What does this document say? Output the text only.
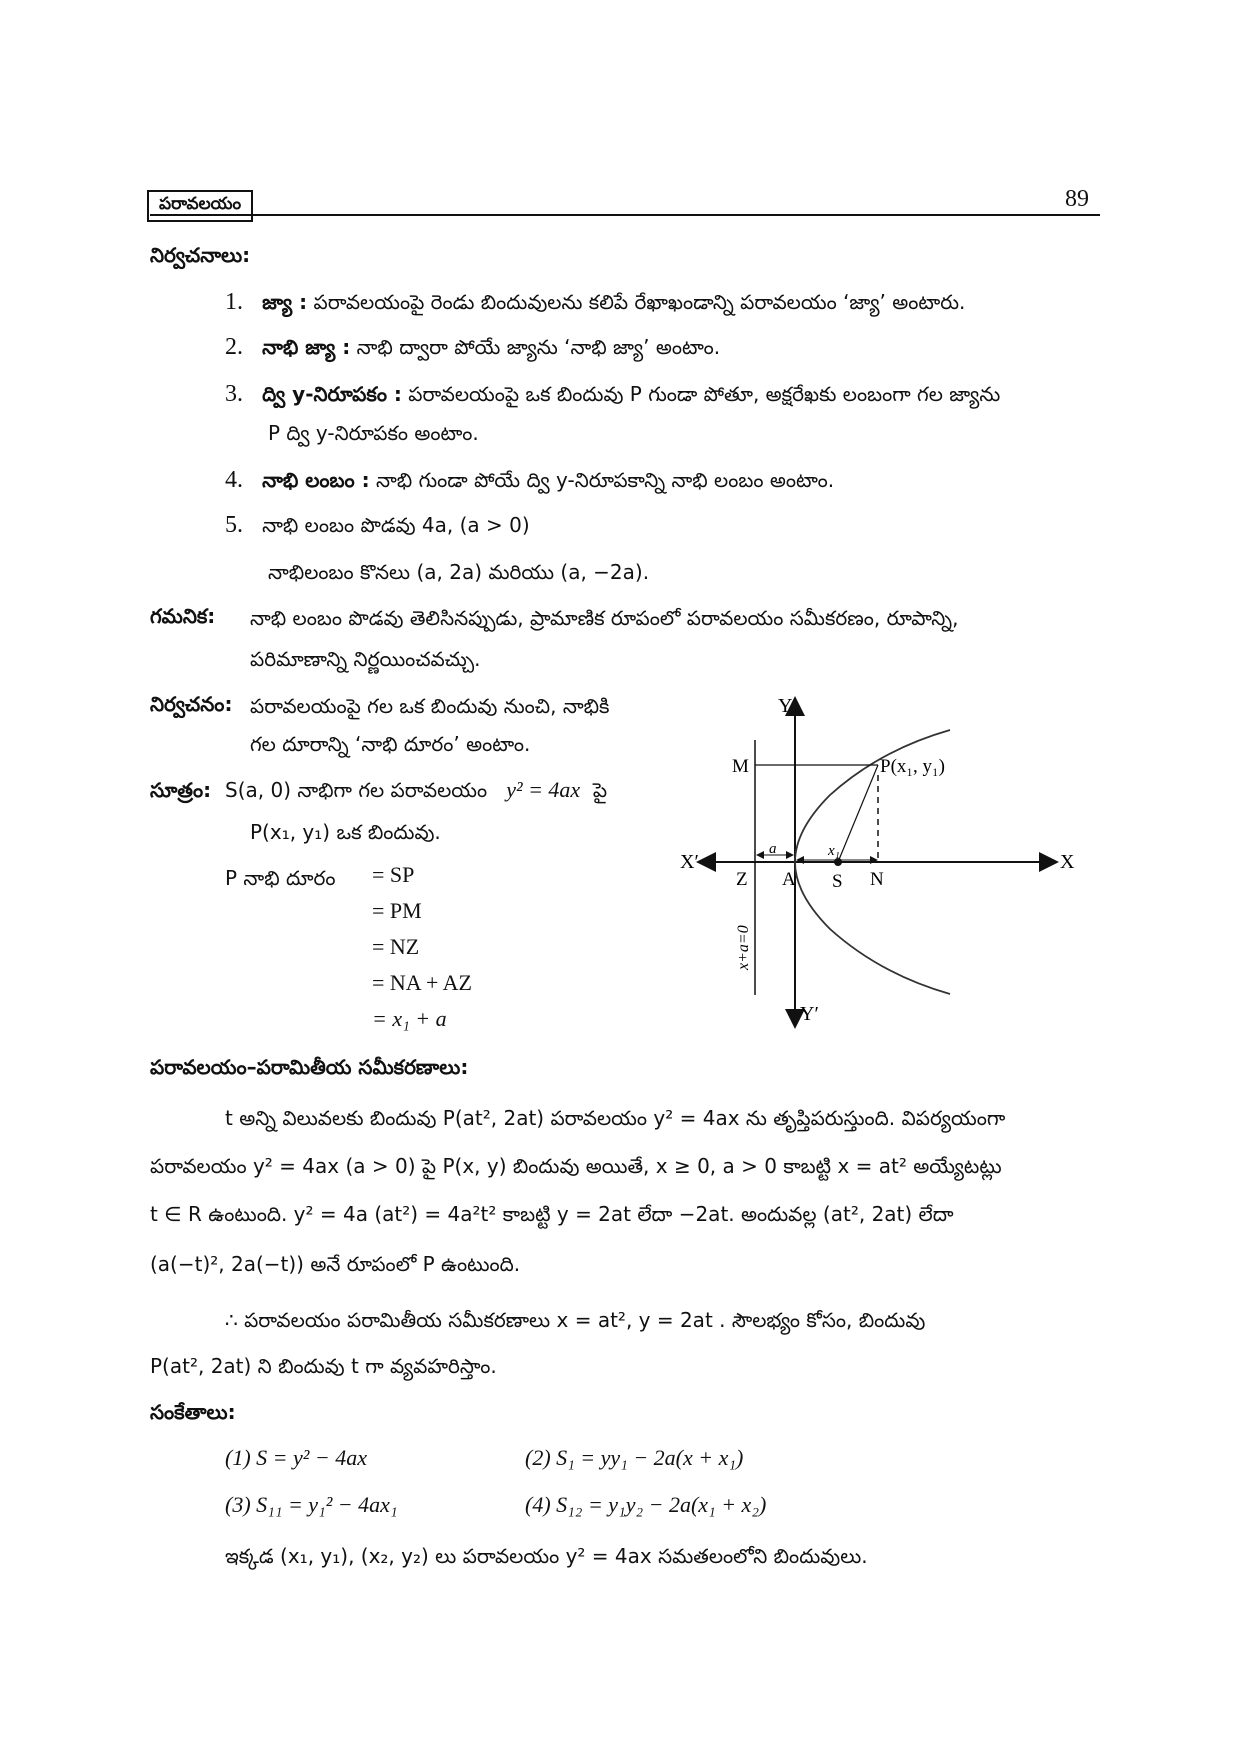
పరావలయం	89
నిర్వచనాలు:
1. జ్యా : పరావలయంపై రెండు బిందువులను కలిపే రేఖాఖండాన్ని పరావలయం ‘జ్యా’ అంటారు.
2. నాభి జ్యా : నాభి ద్వారా పోయే జ్యాను ‘నాభి జ్యా’ అంటాం.
3. ద్వి y-నిరూపకం : పరావలయంపై ఒక బిందువు P గుండా పోతూ, అక్షరేఖకు లంబంగా గల జ్యాను
P ద్వి y-నిరూపకం అంటాం.
4. నాభి లంబం : నాభి గుండా పోయే ద్వి y-నిరూపకాన్ని నాభి లంబం అంటాం.
5. నాభి లంబం పొడవు 4a, (a > 0)
నాభిలంబం కొనలు (a, 2a) మరియు (a, −2a).
గమనిక: నాభి లంబం పొడవు తెలిసినప్పుడు, ప్రామాణిక రూపంలో పరావలయం సమీకరణం, రూపాన్ని,
పరిమాణాన్ని నిర్ణయించవచ్చు.
నిర్వచనం: పరావలయంపై గల ఒక బిందువు నుంచి, నాభికి
గల దూరాన్ని ‘నాభి దూరం’ అంటాం.
సూత్రం: S(a, 0) నాభిగా గల పరావలయం y² = 4ax పై
P(x₁, y₁) ఒక బిందువు.
P నాభి దూరం = SP
= PM
= NZ
= NA + AZ
= x₁ + a
Y
Y′
X
X′
M	P(x₁, y₁)
Z A S N
a	x₁
x+a=0
పరావలయం–పరామితీయ సమీకరణాలు:
t అన్ని విలువలకు బిందువు P(at², 2at) పరావలయం y² = 4ax ను తృప్తిపరుస్తుంది. విపర్యయంగా
పరావలయం y² = 4ax (a > 0) పై P(x, y) బిందువు అయితే, x ≥ 0, a > 0 కాబట్టి x = at² అయ్యేటట్లు
t ∈ R ఉంటుంది. y² = 4a (at²) = 4a²t² కాబట్టి y = 2at లేదా −2at. అందువల్ల (at², 2at) లేదా
(a(−t)², 2a(−t)) అనే రూపంలో P ఉంటుంది.
∴ పరావలయం పరామితీయ సమీకరణాలు x = at², y = 2at . సౌలభ్యం కోసం, బిందువు
P(at², 2at) ని బిందువు t గా వ్యవహరిస్తాం.
సంకేతాలు:
(1) S = y² − 4ax	(2) S₁ = yy₁ − 2a(x + x₁)
(3) S₁₁ = y₁² − 4ax₁	(4) S₁₂ = y₁y₂ − 2a(x₁ + x₂)
ఇక్కడ (x₁, y₁), (x₂, y₂) లు పరావలయం y² = 4ax సమతలంలోని బిందువులు.
